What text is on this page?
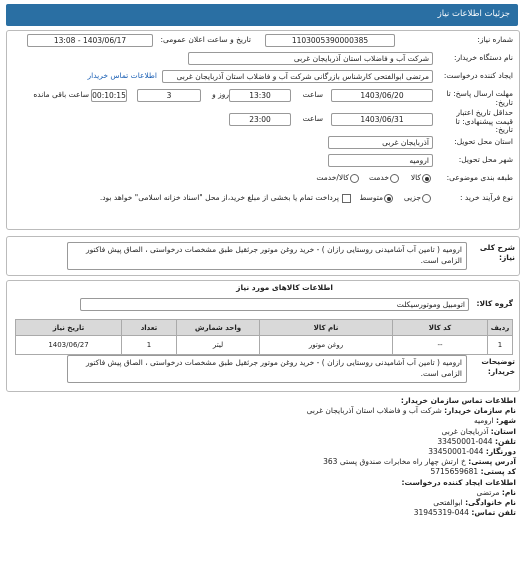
جزئیات اطلاعات نیاز
شماره نیاز:
1103005390000385
تاریخ و ساعت اعلان عمومی:
1403/06/17 - 13:08
نام دستگاه خریدار:
شرکت آب و فاضلاب استان آذربایجان غربی
ایجاد کننده درخواست:
مرتضی ابوالفتحی کارشناس بازرگانی شرکت آب و فاضلاب استان آذربایجان غربی
اطلاعات تماس خریدار
مهلت ارسال پاسخ: تا تاریخ:
1403/06/20
ساعت
13:30
3	روز و
00:10:15
ساعت باقی مانده
حداقل تاریخ اعتبار قیمت پیشنهادی: تا تاریخ:
1403/06/31
ساعت
23:00
استان محل تحویل:
آذربایجان غربی
شهر محل تحویل:
ارومیه
طبقه بندی موضوعی:
کالا
خدمت
کالا/خدمت
نوع فرآیند خرید :
جزیی
متوسط
پرداخت تمام یا بخشی از مبلغ خرید،از محل "اسناد خزانه اسلامی" خواهد بود.
شرح کلی نیاز:
ارومیه ( تامین آب آشامیدنی روستایی رازان ) - خرید روغن موتور جرثقیل طبق مشخصات درخواستی ، الصاق پیش فاکتور الزامی است.
اطلاعات کالاهای مورد نیاز
گروه کالا:
اتومبیل وموتورسیکلت
ردیف	کد کالا	نام کالا	واحد شمارش	تعداد	تاریخ نیاز
1	--	روغن موتور	لیتر	1	1403/06/27
توضیحات خریدار:
ارومیه ( تامین آب آشامیدنی روستایی رازان ) - خرید روغن موتور جرثقیل طبق مشخصات درخواستی ، الصاق پیش فاکتور الزامی است.
اطلاعات تماس سازمان خریدار:
نام سازمان خریدار: شرکت آب و فاضلاب استان آذربایجان غربی
شهر: ارومیه
استان: آذربایجان غربی
تلفن: 044-33450001
دورنگار: 044-33450001
آدرس پستی: خ ارتش چهار راه مخابرات صندوق پستی 363
کد پستی: 5715659681
اطلاعات ایجاد کننده درخواست:
نام: مرتضی
نام خانوادگی: ابوالفتحی
تلفن تماس: 044-31945319
